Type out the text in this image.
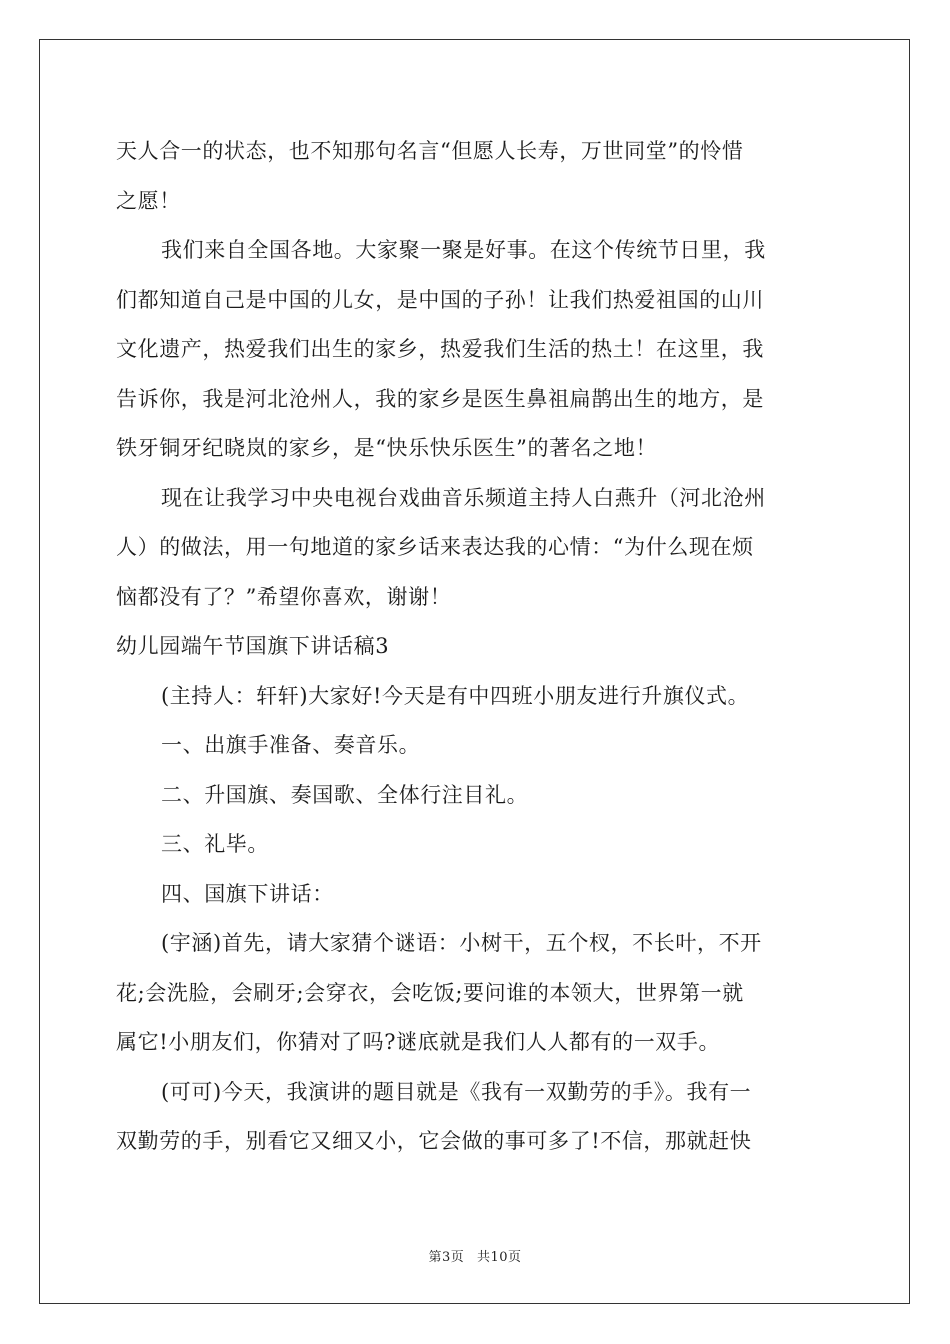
天人合一的状态，也不知那句名言“但愿人长寿，万世同堂”的怜惜
之愿！
我们来自全国各地。大家聚一聚是好事。在这个传统节日里，我
们都知道自己是中国的儿女，是中国的子孙！让我们热爱祖国的山川
文化遗产，热爱我们出生的家乡，热爱我们生活的热土！在这里，我
告诉你，我是河北沧州人，我的家乡是医生鼻祖扁鹊出生的地方，是
铁牙铜牙纪晓岚的家乡，是“快乐快乐医生”的著名之地！
现在让我学习中央电视台戏曲音乐频道主持人白燕升（河北沧州
人）的做法，用一句地道的家乡话来表达我的心情：“为什么现在烦
恼都没有了？”希望你喜欢，谢谢！
幼儿园端午节国旗下讲话稿3
(主持人：轩轩)大家好!今天是有中四班小朋友进行升旗仪式。
一、出旗手准备、奏音乐。
二、升国旗、奏国歌、全体行注目礼。
三、礼毕。
四、国旗下讲话：
(宇涵)首先，请大家猜个谜语：小树干，五个杈，不长叶，不开
花;会洗脸，会刷牙;会穿衣，会吃饭;要问谁的本领大，世界第一就
属它!小朋友们，你猜对了吗?谜底就是我们人人都有的一双手。
(可可)今天，我演讲的题目就是《我有一双勤劳的手》。我有一
双勤劳的手，别看它又细又小，它会做的事可多了!不信，那就赶快
第3页 共10页
